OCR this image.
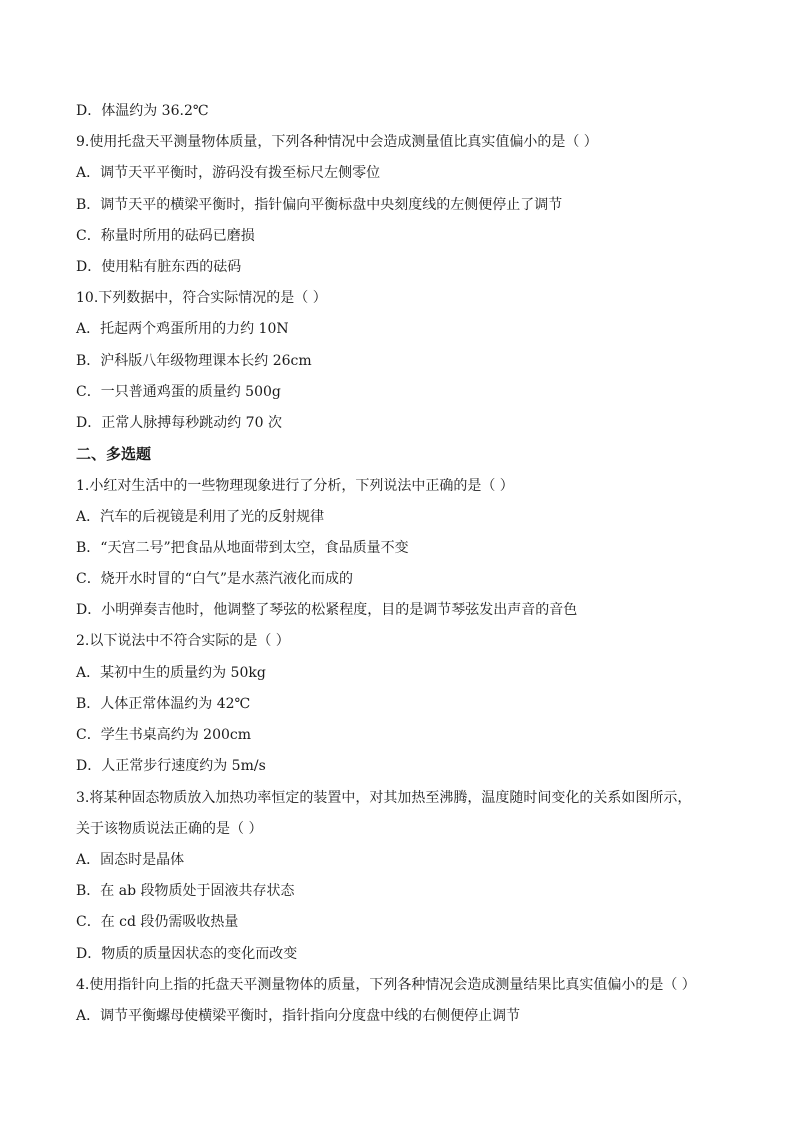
D．体温约为 36.2℃
9.使用托盘天平测量物体质量，下列各种情况中会造成测量值比真实值偏小的是（ ）
A．调节天平平衡时，游码没有拨至标尺左侧零位
B．调节天平的横梁平衡时，指针偏向平衡标盘中央刻度线的左侧便停止了调节
C．称量时所用的砝码已磨损
D．使用粘有脏东西的砝码
10.下列数据中，符合实际情况的是（ ）
A．托起两个鸡蛋所用的力约 10N
B．沪科版八年级物理课本长约 26cm
C．一只普通鸡蛋的质量约 500g
D．正常人脉搏每秒跳动约 70 次
二、多选题
1.小红对生活中的一些物理现象进行了分析，下列说法中正确的是（ ）
A．汽车的后视镜是利用了光的反射规律
B．“天宫二号”把食品从地面带到太空，食品质量不变
C．烧开水时冒的“白气”是水蒸汽液化而成的
D．小明弹奏吉他时，他调整了琴弦的松紧程度，目的是调节琴弦发出声音的音色
2.以下说法中不符合实际的是（ ）
A．某初中生的质量约为 50kg
B．人体正常体温约为 42℃
C．学生书桌高约为 200cm
D．人正常步行速度约为 5m/s
3.将某种固态物质放入加热功率恒定的装置中，对其加热至沸腾，温度随时间变化的关系如图所示，
关于该物质说法正确的是（ ）
A．固态时是晶体
B．在 ab 段物质处于固液共存状态
C．在 cd 段仍需吸收热量
D．物质的质量因状态的变化而改变
4.使用指针向上指的托盘天平测量物体的质量，下列各种情况会造成测量结果比真实值偏小的是（ ）
A．调节平衡螺母使横梁平衡时，指针指向分度盘中线的右侧便停止调节
